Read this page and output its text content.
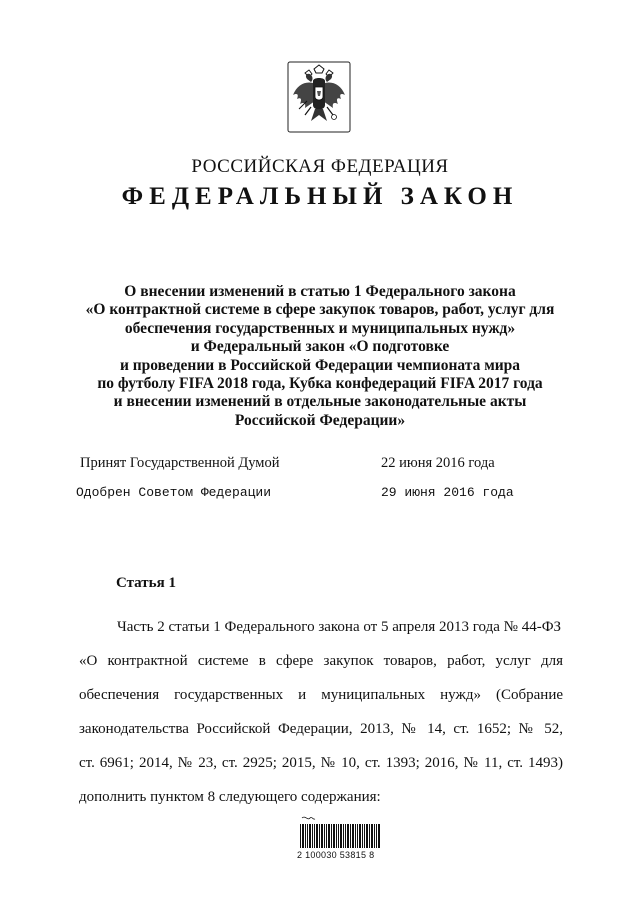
РОССИЙСКАЯ ФЕДЕРАЦИЯ
ФЕДЕРАЛЬНЫЙ ЗАКОН
О внесении изменений в статью 1 Федерального закона
«О контрактной системе в сфере закупок товаров, работ, услуг для
обеспечения государственных и муниципальных нужд»
и Федеральный закон «О подготовке
и проведении в Российской Федерации чемпионата мира
по футболу FIFA 2018 года, Кубка конфедераций FIFA 2017 года
и внесении изменений в отдельные законодательные акты
Российской Федерации»
Принят Государственной Думой	22 июня 2016 года
Одобрен Советом Федерации	29 июня 2016 года
Статья 1
Часть 2 статьи 1 Федерального закона от 5 апреля 2013 года № 44-ФЗ
«О контрактной системе в сфере закупок товаров, работ, услуг для
обеспечения государственных и муниципальных нужд» (Собрание
законодательства Российской Федерации, 2013, № 14, ст. 1652; № 52,
ст. 6961; 2014, № 23, ст. 2925; 2015, № 10, ст. 1393; 2016, № 11, ст. 1493)
дополнить пунктом 8 следующего содержания:
2 100030 53815 8
